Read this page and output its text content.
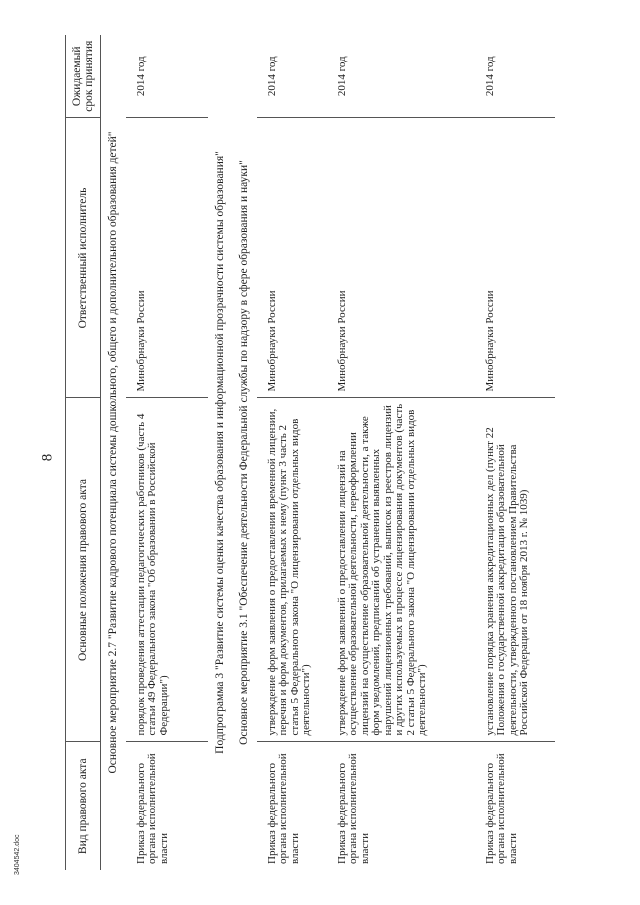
8
3404542.doc
Вид правового акта	Основные положения правового акта	Ответственный исполнитель	Ожидаемый срок принятия
Основное мероприятие 2.7 "Развитие кадрового потенциала системы дошкольного, общего и дополнительного образования детей"			
Приказ федерального органа исполнительной власти	порядок проведения аттестации педагогических работников (часть 4 статьи 49 Федерального закона "Об образовании в Российской Федерации")	Минобрнауки России	2014 год
Подпрограмма 3 "Развитие системы оценки качества образования и информационной прозрачности системы образования"			
Основное мероприятие 3.1 "Обеспечение деятельности Федеральной службы по надзору в сфере образования и науки"			
Приказ федерального органа исполнительной власти	утверждение форм заявления о предоставлении временной лицензии, перечня и форм документов, прилагаемых к нему (пункт 3 часть 2 статья 5 Федерального закона "О лицензировании отдельных видов деятельности")	Минобрнауки России	2014 год
Приказ федерального органа исполнительной власти	утверждение форм заявлений о предоставлении лицензий на осуществление образовательной деятельности, переоформлении лицензий на осуществление образовательной деятельности, а также форм уведомлений, предписаний об устранении выявленных нарушений лицензионных требований, выписок из реестров лицензий и других используемых в процессе лицензирования документов (часть 2 статьи 5 Федерального закона "О лицензировании отдельных видов деятельности")	Минобрнауки России	2014 год
Приказ федерального органа исполнительной власти	установление порядка хранения аккредитационных дел (пункт 22 Положения о государственной аккредитации образовательной деятельности, утвержденного постановлением Правительства Российской Федерации от 18 ноября 2013 г. № 1039)	Минобрнауки России	2014 год
